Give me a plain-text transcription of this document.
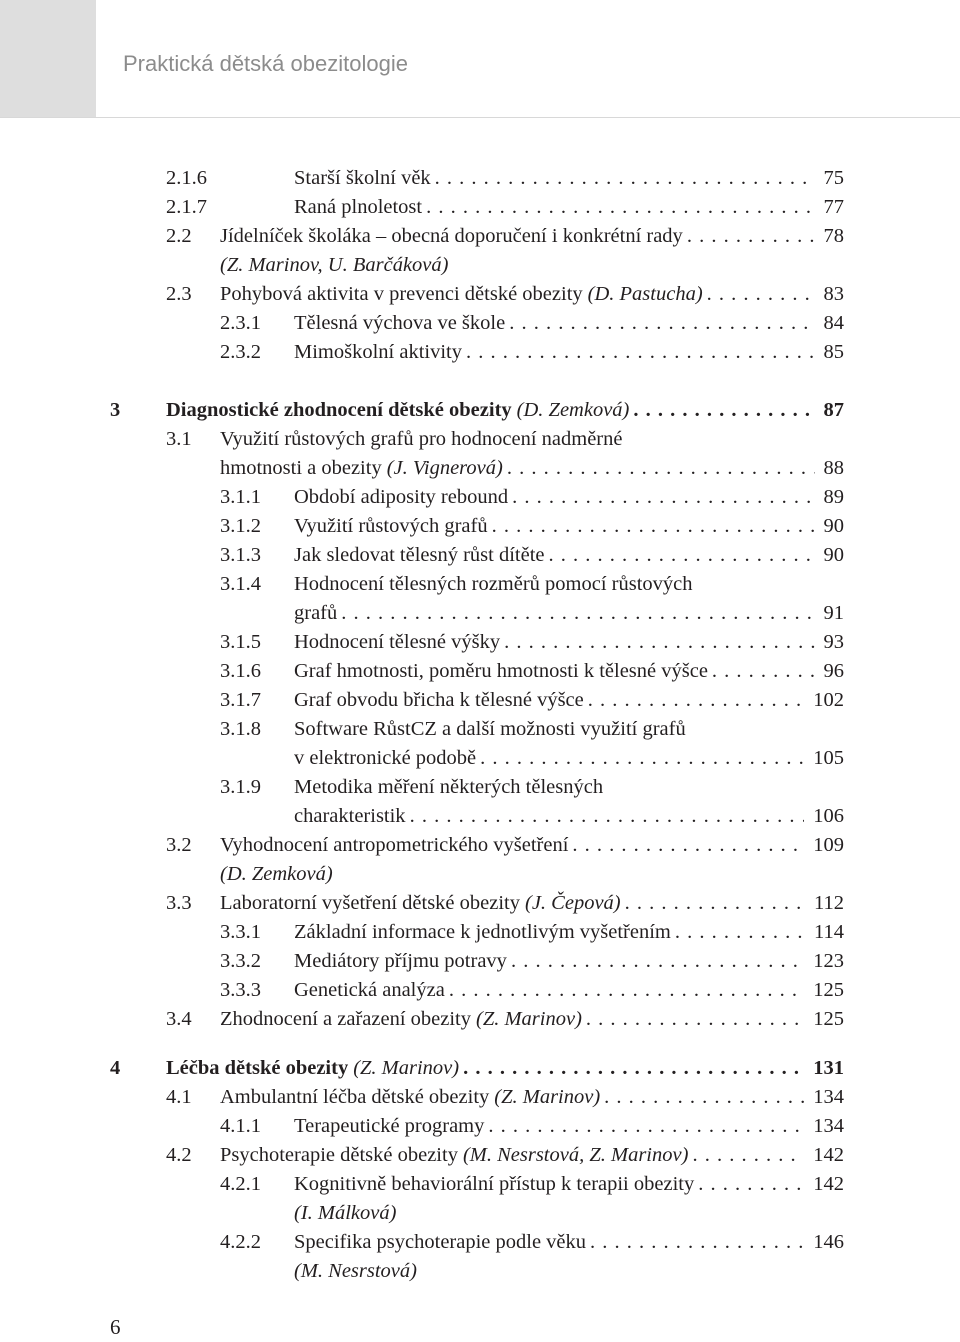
Praktická dětská obezitologie
2.1.6	Starší školní věk . . .	75
2.1.7	Raná plnoletost . . .	77
2.2 Jídelníček školáka – obecná doporučení i konkrétní rady . . .	78
(Z. Marinov, U. Barčáková)
2.3 Pohybová aktivita v prevenci dětské obezity (D. Pastucha) . . .	83
2.3.1 Tělesná výchova ve škole . . .	84
2.3.2 Mimoškolní aktivity . . .	85
3 Diagnostické zhodnocení dětské obezity (D. Zemková) . . .	87
3.1 Využití růstových grafů pro hodnocení nadměrné
hmotnosti a obezity (J. Vignerová) . . .	88
3.1.1 Období adiposity rebound . . .	89
3.1.2 Využití růstových grafů . . .	90
3.1.3 Jak sledovat tělesný růst dítěte . . .	90
3.1.4 Hodnocení tělesných rozměrů pomocí růstových
grafů . . .	91
3.1.5 Hodnocení tělesné výšky . . .	93
3.1.6 Graf hmotnosti, poměru hmotnosti k tělesné výšce . . .	96
3.1.7 Graf obvodu břicha k tělesné výšce . . .	102
3.1.8 Software RůstCZ a další možnosti využití grafů
v elektronické podobě . . .	105
3.1.9 Metodika měření některých tělesných
charakteristik . . .	106
3.2 Vyhodnocení antropometrického vyšetření . . .	109
(D. Zemková)
3.3 Laboratorní vyšetření dětské obezity (J. Čepová) . . .	112
3.3.1 Základní informace k jednotlivým vyšetřením . . .	114
3.3.2 Mediátory příjmu potravy . . .	123
3.3.3 Genetická analýza . . .	125
3.4 Zhodnocení a zařazení obezity (Z. Marinov) . . .	125
4 Léčba dětské obezity (Z. Marinov) . . .	131
4.1 Ambulantní léčba dětské obezity (Z. Marinov) . . .	134
4.1.1 Terapeutické programy . . .	134
4.2 Psychoterapie dětské obezity (M. Nesrstová, Z. Marinov) . . .	142
4.2.1 Kognitivně behaviorální přístup k terapii obezity . . .	142
(I. Málková)
4.2.2 Specifika psychoterapie podle věku . . .	146
(M. Nesrstová)
6
